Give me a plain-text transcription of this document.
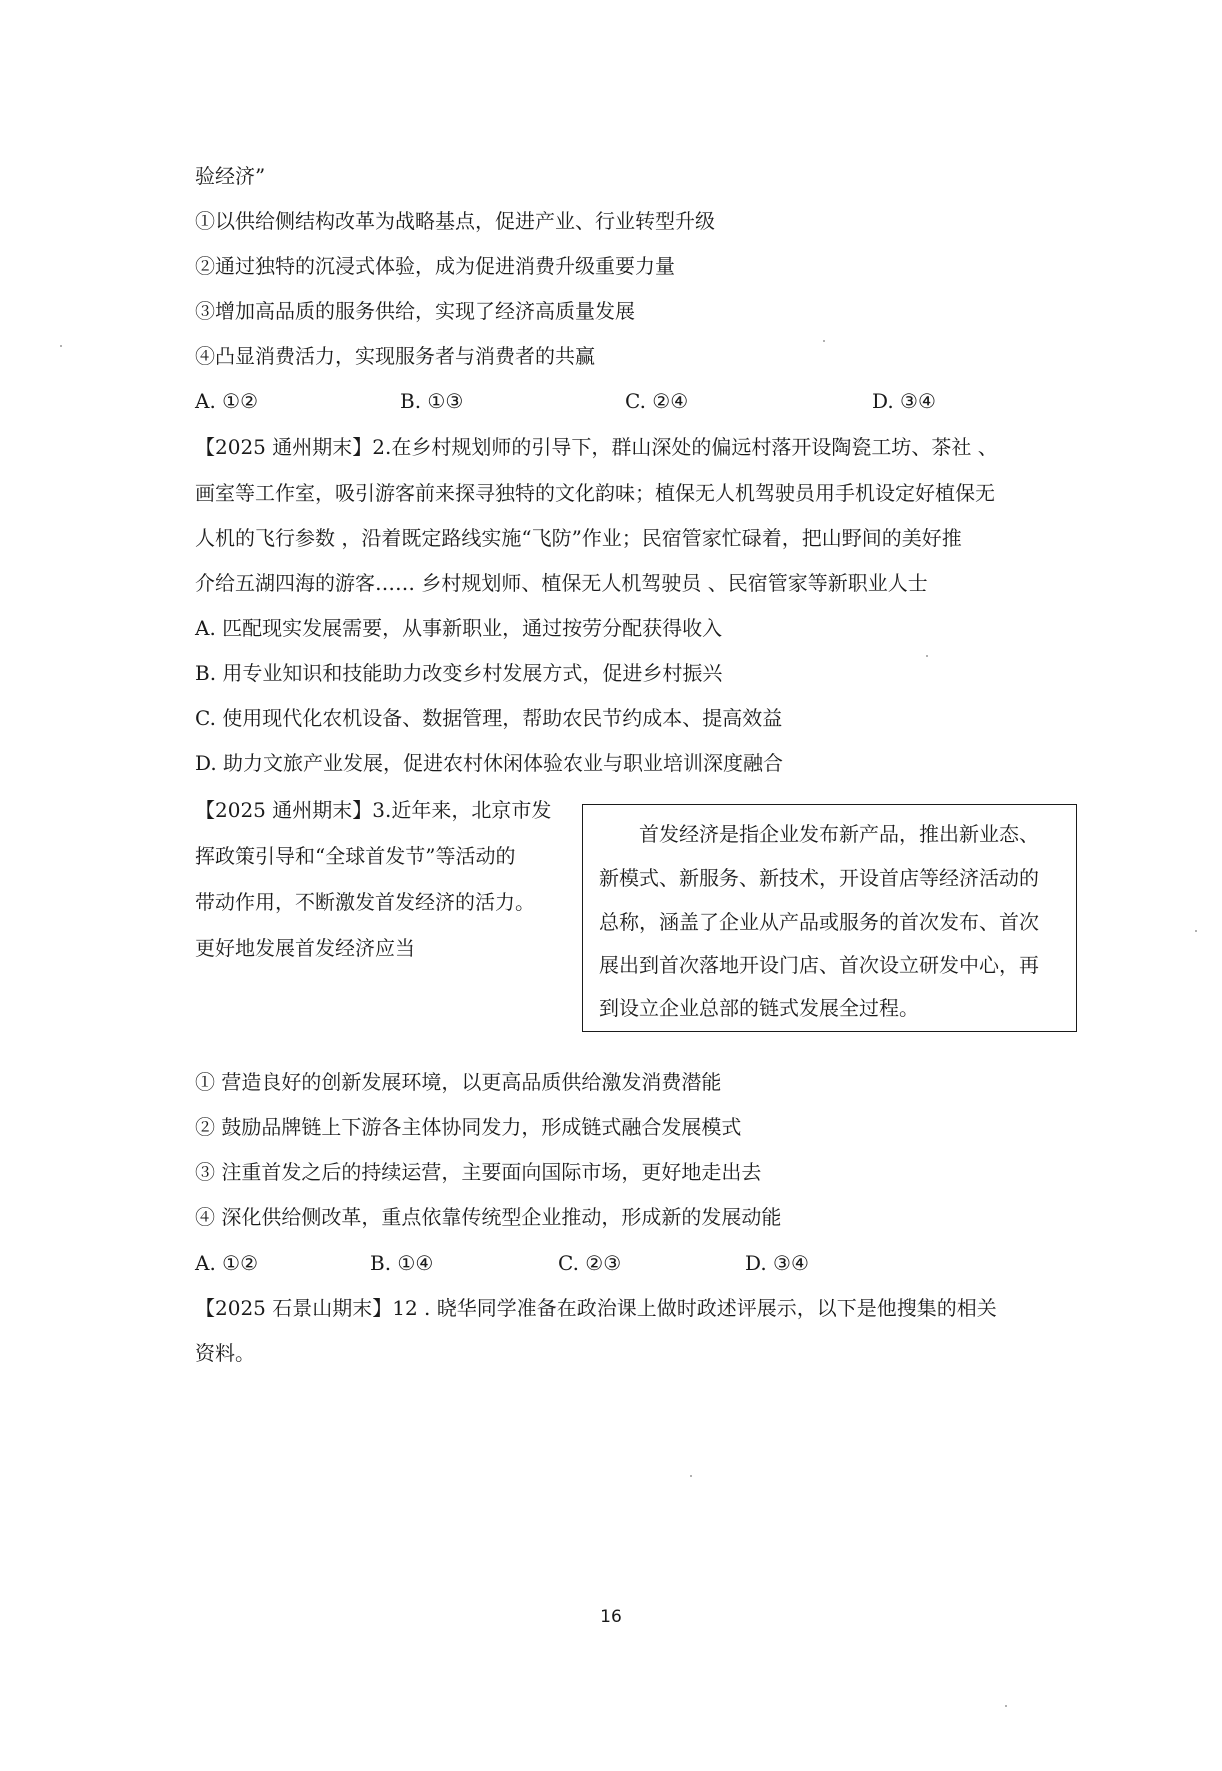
验经济”
①以供给侧结构改革为战略基点，促进产业、行业转型升级
②通过独特的沉浸式体验，成为促进消费升级重要力量
③增加高品质的服务供给，实现了经济高质量发展
④凸显消费活力，实现服务者与消费者的共赢
A. ①②	B. ①③	C. ②④	D. ③④
【2025 通州期末】2.在乡村规划师的引导下，群山深处的偏远村落开设陶瓷工坊、茶社 、
画室等工作室，吸引游客前来探寻独特的文化韵味；植保无人机驾驶员用手机设定好植保无
人机的飞行参数 ，沿着既定路线实施“飞防”作业；民宿管家忙碌着，把山野间的美好推
介给五湖四海的游客…… 乡村规划师、植保无人机驾驶员 、民宿管家等新职业人士
A. 匹配现实发展需要，从事新职业，通过按劳分配获得收入
B. 用专业知识和技能助力改变乡村发展方式，促进乡村振兴
C. 使用现代化农机设备、数据管理，帮助农民节约成本、提高效益
D. 助力文旅产业发展，促进农村休闲体验农业与职业培训深度融合
【2025 通州期末】3.近年来，北京市发
挥政策引导和“全球首发节”等活动的
带动作用，不断激发首发经济的活力。
更好地发展首发经济应当
首发经济是指企业发布新产品，推出新业态、
新模式、新服务、新技术，开设首店等经济活动的
总称，涵盖了企业从产品或服务的首次发布、首次
展出到首次落地开设门店、首次设立研发中心，再
到设立企业总部的链式发展全过程。
① 营造良好的创新发展环境，以更高品质供给激发消费潜能
② 鼓励品牌链上下游各主体协同发力，形成链式融合发展模式
③ 注重首发之后的持续运营，主要面向国际市场，更好地走出去
④ 深化供给侧改革，重点依靠传统型企业推动，形成新的发展动能
A. ①②	B. ①④	C. ②③	D. ③④
【2025 石景山期末】12 . 晓华同学准备在政治课上做时政述评展示，以下是他搜集的相关
资料。
16
